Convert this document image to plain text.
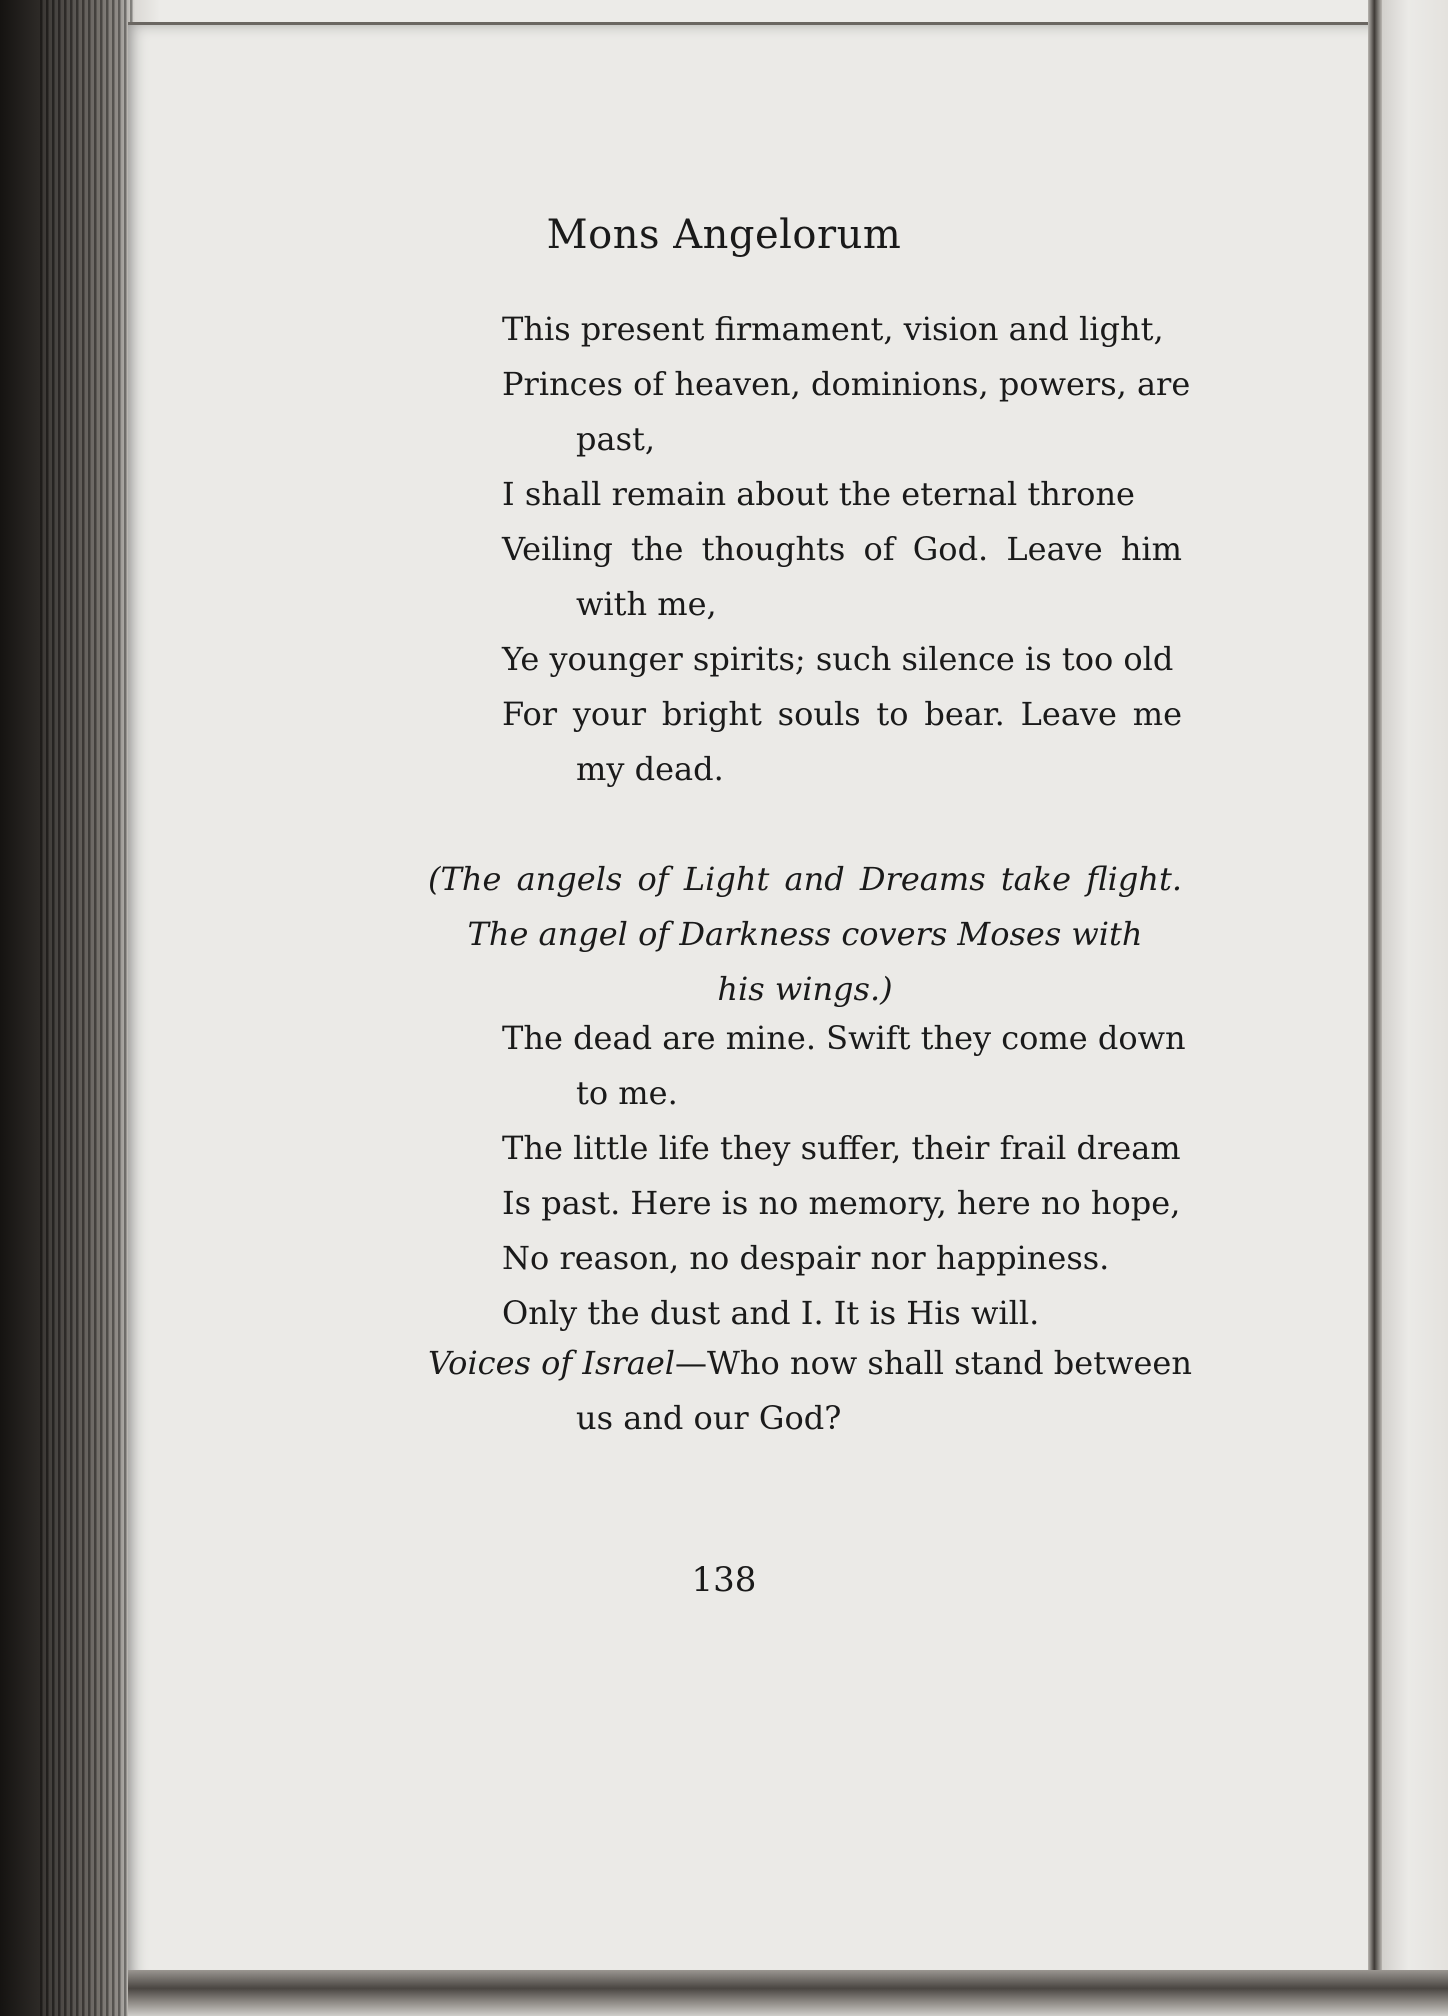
Mons Angelorum
This present firmament, vision and light,
Princes of heaven, dominions, powers, are
past,
I shall remain about the eternal throne
Veiling the thoughts of God. Leave him
with me,
Ye younger spirits; such silence is too old
For your bright souls to bear. Leave me
my dead.
(The angels of Light and Dreams take flight.
The angel of Darkness covers Moses with
his wings.)
The dead are mine. Swift they come down
to me.
The little life they suffer, their frail dream
Is past. Here is no memory, here no hope,
No reason, no despair nor happiness.
Only the dust and I. It is His will.
Voices of Israel—Who now shall stand between
us and our God?
138
